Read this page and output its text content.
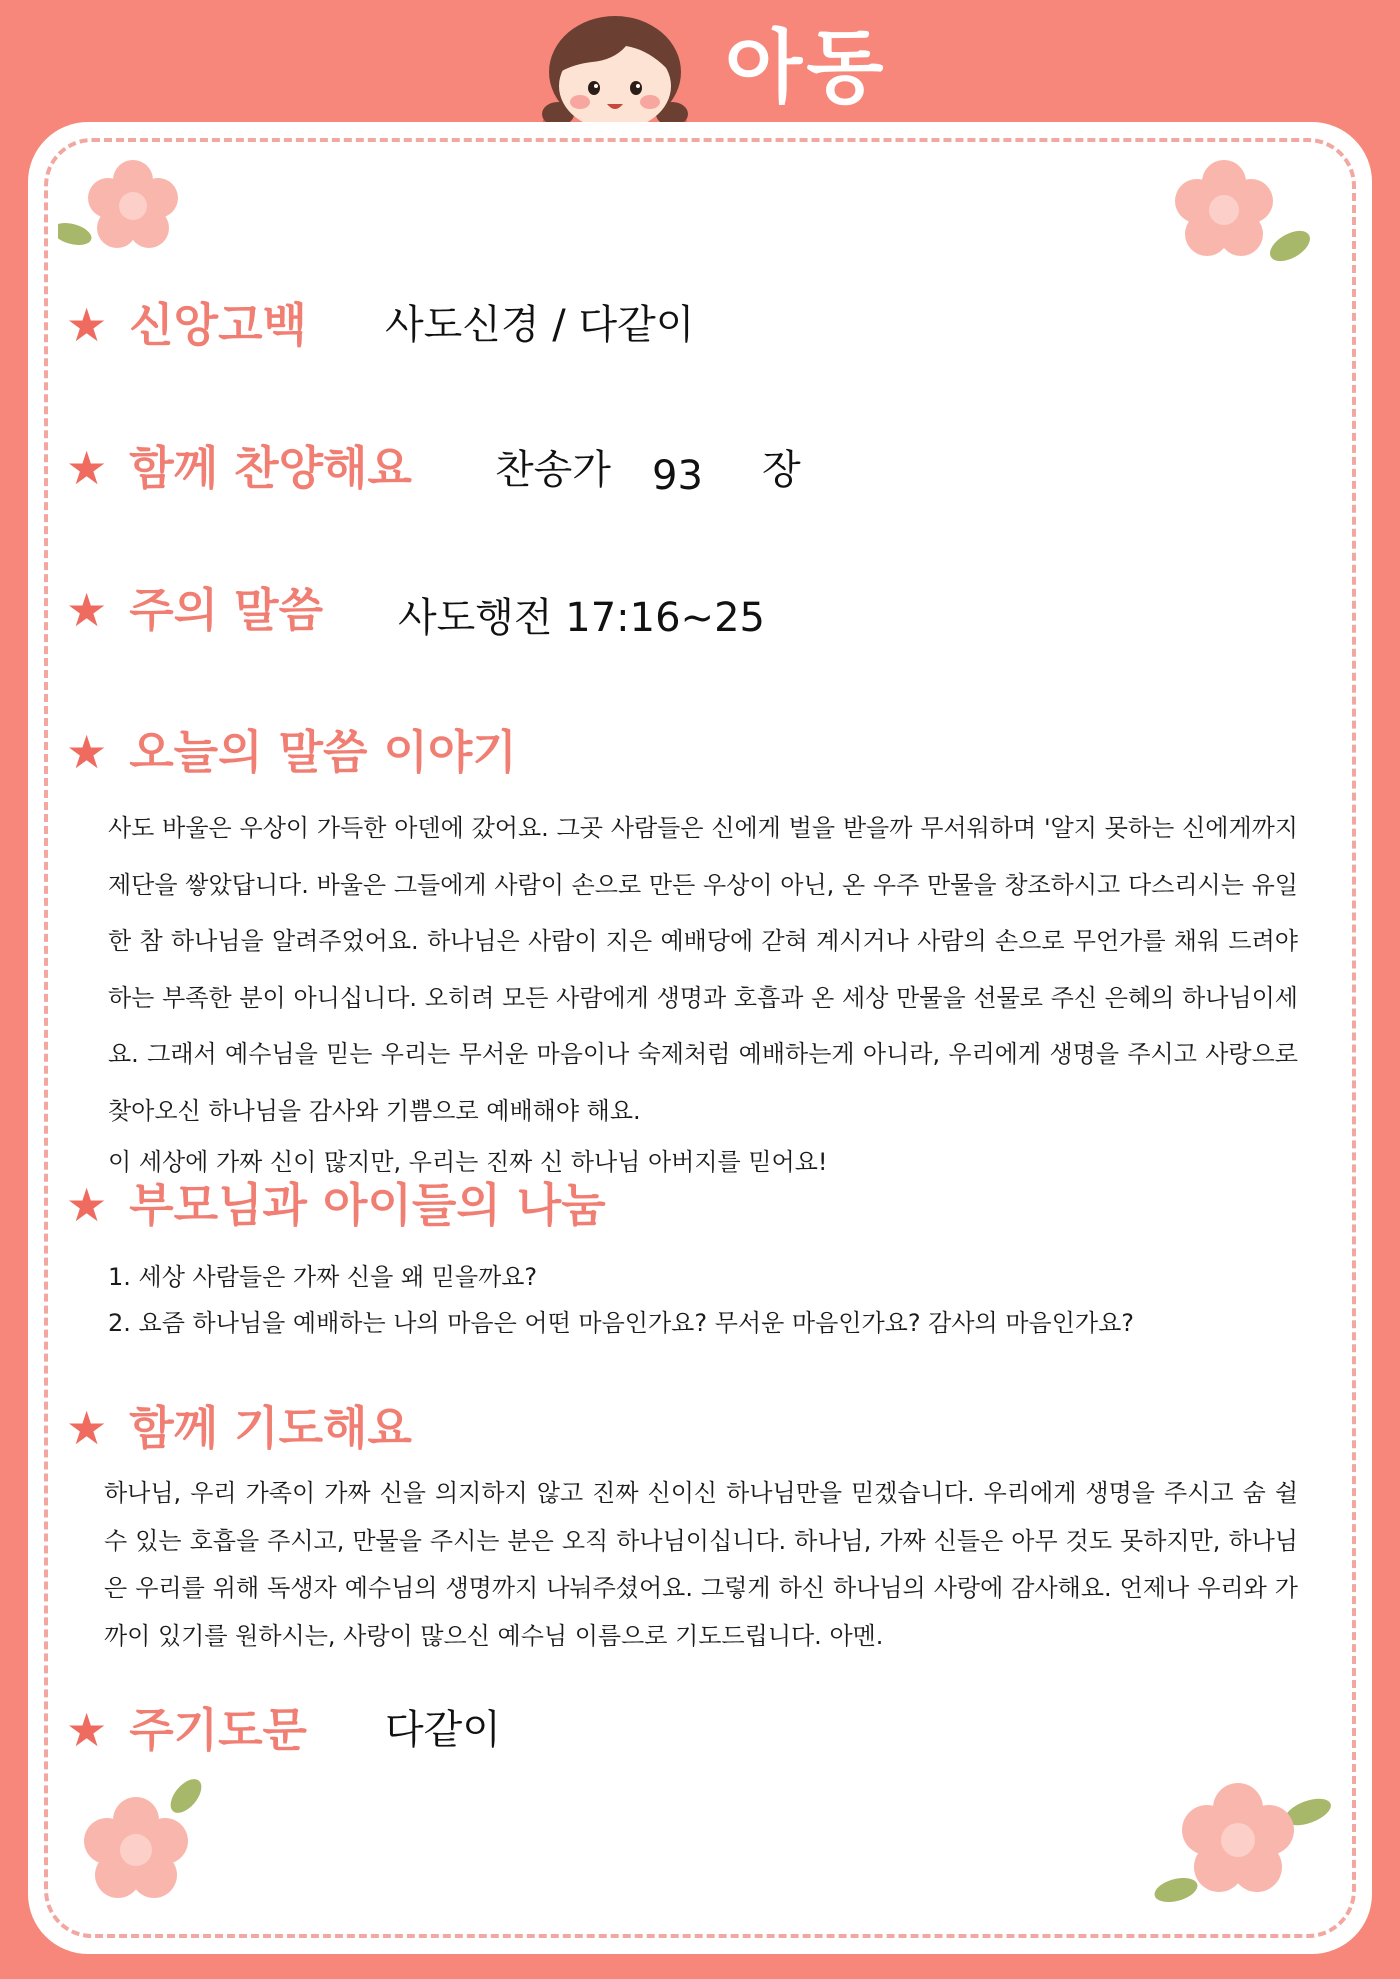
아동
★ 신앙고백 사도신경 / 다같이
★ 함께 찬양해요 찬송가 93 장
★ 주의 말씀 사도행전 17:16~25
★ 오늘의 말씀 이야기

사도 바울은 우상이 가득한 아덴에 갔어요. 그곳 사람들은 신에게 벌을 받을까 무서워하며 '알지 못하는 신에게까지 제단을 쌓았답니다. 바울은 그들에게 사람이 손으로 만든 우상이 아닌, 온 우주 만물을 창조하시고 다스리시는 유일한 참 하나님을 알려주었어요. 하나님은 사람이 지은 예배당에 갇혀 계시거나 사람의 손으로 무언가를 채워 드려야 하는 부족한 분이 아니십니다. 오히려 모든 사람에게 생명과 호흡과 온 세상 만물을 선물로 주신 은혜의 하나님이세요. 그래서 예수님을 믿는 우리는 무서운 마음이나 숙제처럼 예배하는게 아니라, 우리에게 생명을 주시고 사랑으로 찾아오신 하나님을 감사와 기쁨으로 예배해야 해요.

이 세상에 가짜 신이 많지만, 우리는 진짜 신 하나님 아버지를 믿어요!

★ 부모님과 아이들의 나눔
1. 세상 사람들은 가짜 신을 왜 믿을까요?
2. 요즘 하나님을 예배하는 나의 마음은 어떤 마음인가요? 무서운 마음인가요? 감사의 마음인가요?
★ 함께 기도해요

하나님, 우리 가족이 가짜 신을 의지하지 않고 진짜 신이신 하나님만을 믿겠습니다. 우리에게 생명을 주시고 숨 쉴 수 있는 호흡을 주시고, 만물을 주시는 분은 오직 하나님이십니다. 하나님, 가짜 신들은 아무 것도 못하지만, 하나님은 우리를 위해 독생자 예수님의 생명까지 나눠주셨어요. 그렇게 하신 하나님의 사랑에 감사해요. 언제나 우리와 가까이 있기를 원하시는, 사랑이 많으신 예수님 이름으로 기도드립니다. 아멘.

★ 주기도문 다같이
